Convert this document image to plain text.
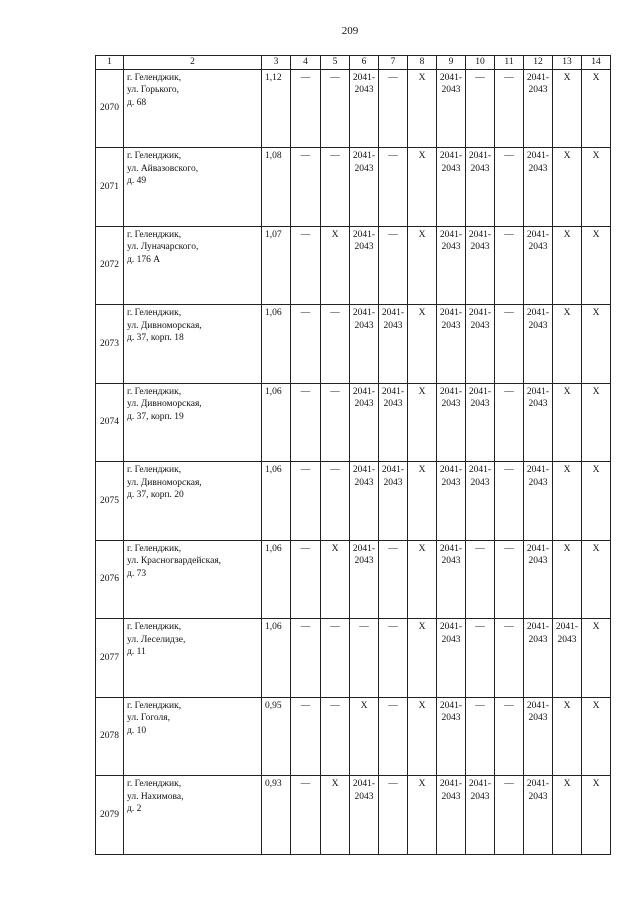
209
1	2	3	4	5	6	7	8	9	10	11	12	13	14
2070	г. Геленджик,
ул. Горького,
д. 68	1,12	—	—	2041-
2043	—	X	2041-
2043	—	—	2041-
2043	X	X
2071	г. Геленджик,
ул. Айвазовского,
д. 49	1,08	—	—	2041-
2043	—	X	2041-
2043	2041-
2043	—	2041-
2043	X	X
2072	г. Геленджик,
ул. Луначарского,
д. 176 А	1,07	—	X	2041-
2043	—	X	2041-
2043	2041-
2043	—	2041-
2043	X	X
2073	г. Геленджик,
ул. Дивноморская,
д. 37, корп. 18	1,06	—	—	2041-
2043	2041-
2043	X	2041-
2043	2041-
2043	—	2041-
2043	X	X
2074	г. Геленджик,
ул. Дивноморская,
д. 37, корп. 19	1,06	—	—	2041-
2043	2041-
2043	X	2041-
2043	2041-
2043	—	2041-
2043	X	X
2075	г. Геленджик,
ул. Дивноморская,
д. 37, корп. 20	1,06	—	—	2041-
2043	2041-
2043	X	2041-
2043	2041-
2043	—	2041-
2043	X	X
2076	г. Геленджик,
ул. Красногвардейская,
д. 73	1,06	—	X	2041-
2043	—	X	2041-
2043	—	—	2041-
2043	X	X
2077	г. Геленджик,
ул. Леселидзе,
д. 11	1,06	—	—	—	—	X	2041-
2043	—	—	2041-
2043	2041-
2043	X
2078	г. Геленджик,
ул. Гоголя,
д. 10	0,95	—	—	X	—	X	2041-
2043	—	—	2041-
2043	X	X
2079	г. Геленджик,
ул. Нахимова,
д. 2	0,93	—	X	2041-
2043	—	X	2041-
2043	2041-
2043	—	2041-
2043	X	X
